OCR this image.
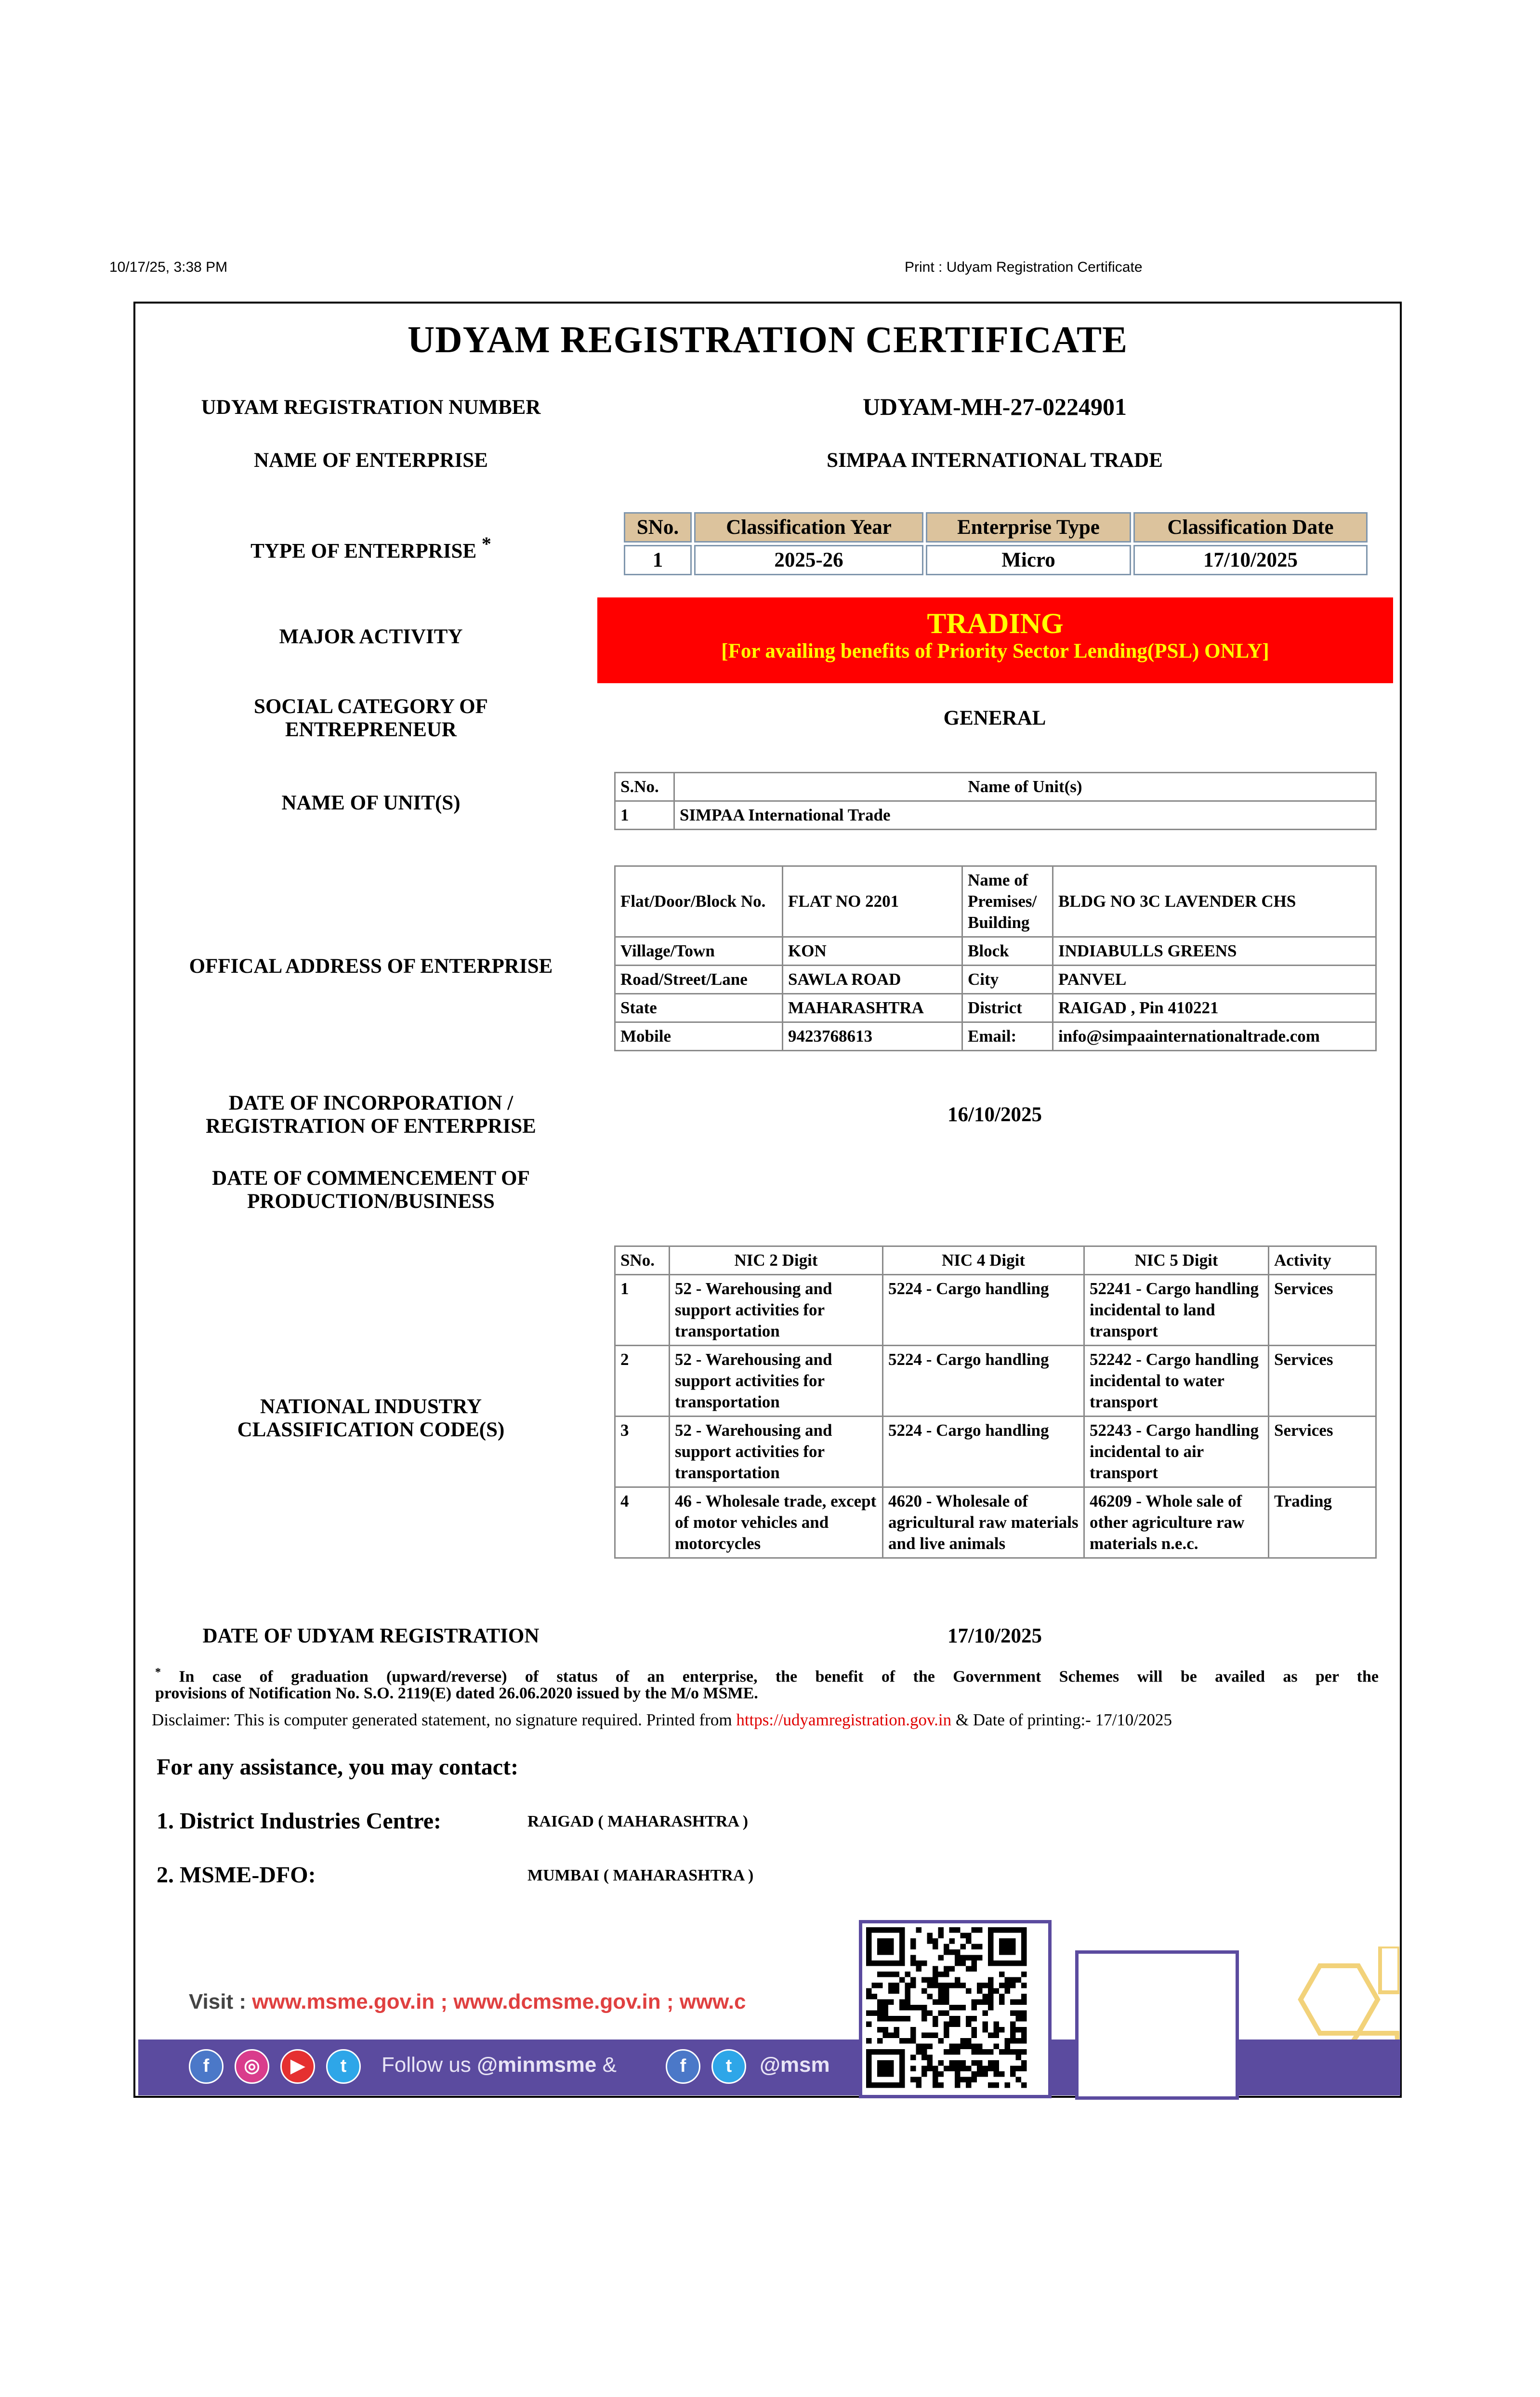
10/17/25, 3:38 PM	Print : Udyam Registration Certificate
UDYAM REGISTRATION CERTIFICATE
UDYAM REGISTRATION NUMBER	UDYAM-MH-27-0224901
NAME OF ENTERPRISE	SIMPAA INTERNATIONAL TRADE
TYPE OF ENTERPRISE *
SNo.	Classification Year	Enterprise Type	Classification Date
1	2025-26	Micro	17/10/2025
MAJOR ACTIVITY	TRADING
[For availing benefits of Priority Sector Lending(PSL) ONLY]
SOCIAL CATEGORY OF
ENTREPRENEUR
GENERAL
NAME OF UNIT(S)
S.No.	Name of Unit(s)
1	SIMPAA International Trade
OFFICAL ADDRESS OF ENTERPRISE
Flat/Door/Block No.	FLAT NO 2201	Name of Premises/ Building	BLDG NO 3C LAVENDER CHS
Village/Town	KON	Block	INDIABULLS GREENS
Road/Street/Lane	SAWLA ROAD	City	PANVEL
State	MAHARASHTRA	District	RAIGAD , Pin 410221
Mobile	9423768613	Email:	info@simpaainternationaltrade.com
DATE OF INCORPORATION /
REGISTRATION OF ENTERPRISE
16/10/2025
DATE OF COMMENCEMENT OF
PRODUCTION/BUSINESS
NATIONAL INDUSTRY
CLASSIFICATION CODE(S)
SNo.	NIC 2 Digit	NIC 4 Digit	NIC 5 Digit	Activity
1	52 - Warehousing and support activities for transportation	5224 - Cargo handling	52241 - Cargo handling incidental to land transport	Services
2	52 - Warehousing and support activities for transportation	5224 - Cargo handling	52242 - Cargo handling incidental to water transport	Services
3	52 - Warehousing and support activities for transportation	5224 - Cargo handling	52243 - Cargo handling incidental to air transport	Services
4	46 - Wholesale trade, except of motor vehicles and motorcycles	4620 - Wholesale of agricultural raw materials and live animals	46209 - Whole sale of other agriculture raw materials n.e.c.	Trading
DATE OF UDYAM REGISTRATION	17/10/2025
* In case of graduation (upward/reverse) of status of an enterprise, the benefit of the Government Schemes will be availed as per the
provisions of Notification No. S.O. 2119(E) dated 26.06.2020 issued by the M/o MSME.
Disclaimer: This is computer generated statement, no signature required. Printed from https://udyamregistration.gov.in & Date of printing:- 17/10/2025
For any assistance, you may contact:
1. District Industries Centre:	RAIGAD ( MAHARASHTRA )
2. MSME-DFO:	MUMBAI ( MAHARASHTRA )
Visit : www.msme.gov.in ; www.dcmsme.gov.in ; www.c
f	◎	▶	t	Follow us @minmsme &	f	t	@msm
